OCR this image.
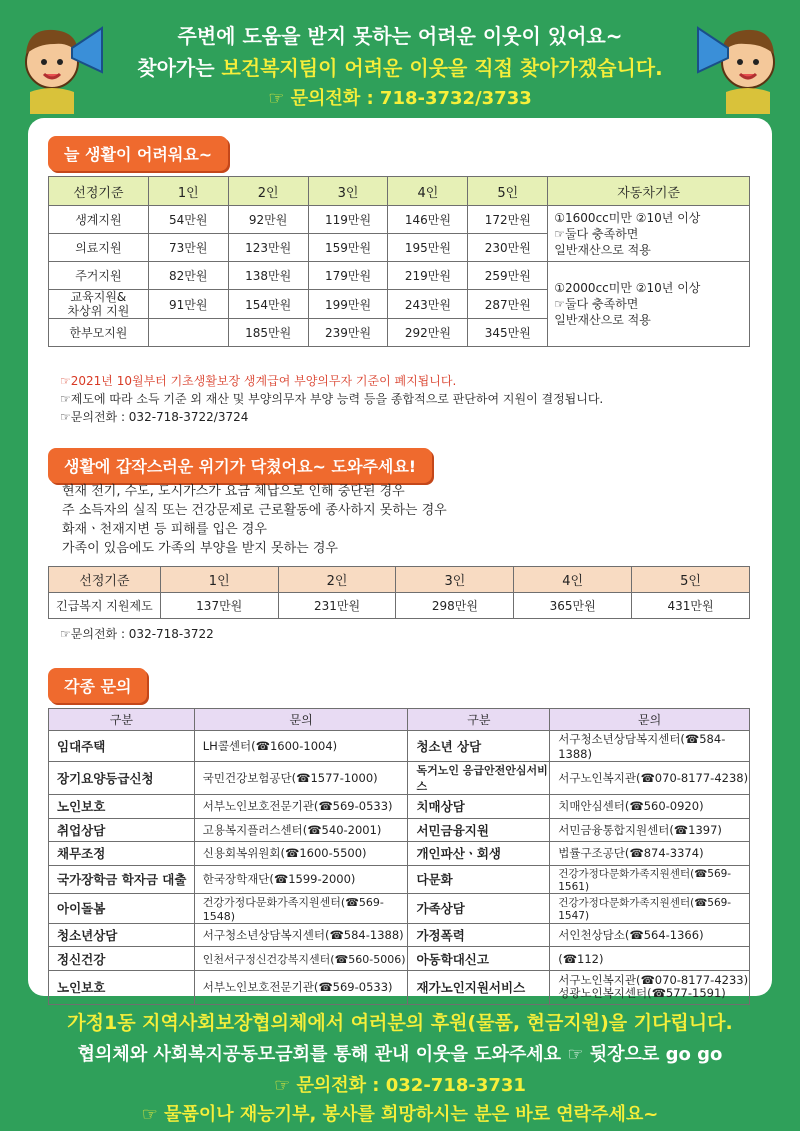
주변에 도움을 받지 못하는 어려운 이웃이 있어요~
찾아가는 보건복지팀이 어려운 이웃을 직접 찾아가겠습니다.
☞ 문의전화 : 718-3732/3733
늘 생활이 어려워요~
선정기준	1인	2인	3인	4인	5인	자동차기준
생계지원	54만원	92만원	119만원	146만원	172만원	①1600cc미만 ②10년 이상
☞둘다 충족하면
일반재산으로 적용
의료지원	73만원	123만원	159만원	195만원	230만원	
주거지원	82만원	138만원	179만원	219만원	259만원	①2000cc미만 ②10년 이상
☞둘다 충족하면
일반재산으로 적용
교육지원&
차상위 지원	91만원	154만원	199만원	243만원	287만원	
한부모지원		185만원	239만원	292만원	345만원	
☞2021년 10월부터 기초생활보장 생계급여 부양의무자 기준이 폐지됩니다.
☞제도에 따라 소득 기준 외 재산 및 부양의무자 부양 능력 등을 종합적으로 판단하여 지원이 결정됩니다.
☞문의전화 : 032-718-3722/3724
생활에 갑작스러운 위기가 닥쳤어요~ 도와주세요!
현재 전기, 수도, 도시가스가 요금 체납으로 인해 중단된 경우
주 소득자의 실직 또는 건강문제로 근로활동에 종사하지 못하는 경우
화재ㆍ천재지변 등 피해를 입은 경우
가족이 있음에도 가족의 부양을 받지 못하는 경우
선정기준	1인	2인	3인	4인	5인
긴급복지 지원제도	137만원	231만원	298만원	365만원	431만원
☞문의전화 : 032-718-3722
각종 문의
구분	문의	구분	문의
임대주택	LH콜센터(☎1600-1004)	청소년 상담	서구청소년상담복지센터(☎584-1388)
장기요양등급신청	국민건강보험공단(☎1577-1000)	독거노인 응급안전안심서비스	서구노인복지관(☎070-8177-4238)
노인보호	서부노인보호전문기관(☎569-0533)	치매상담	치매안심센터(☎560-0920)
취업상담	고용복지플러스센터(☎540-2001)	서민금융지원	서민금융통합지원센터(☎1397)
채무조정	신용회복위원회(☎1600-5500)	개인파산ㆍ회생	법률구조공단(☎874-3374)
국가장학금 학자금 대출	한국장학재단(☎1599-2000)	다문화	건강가정다문화가족지원센터(☎569-1561)
아이돌봄	건강가정다문화가족지원센터(☎569-1548)	가족상담	건강가정다문화가족지원센터(☎569-1547)
청소년상담	서구청소년상담복지센터(☎584-1388)	가정폭력	서인천상담소(☎564-1366)
정신건강	인천서구정신건강복지센터(☎560-5006)	아동학대신고	(☎112)
노인보호	서부노인보호전문기관(☎569-0533)	재가노인지원서비스	서구노인복지관(☎070-8177-4233)
성광노인복지센터(☎577-1591)
가정1동 지역사회보장협의체에서 여러분의 후원(물품, 현금지원)을 기다립니다.
협의체와 사회복지공동모금회를 통해 관내 이웃을 도와주세요 ☞ 뒷장으로 go go
☞ 문의전화 : 032-718-3731
☞ 물품이나 재능기부, 봉사를 희망하시는 분은 바로 연락주세요~
